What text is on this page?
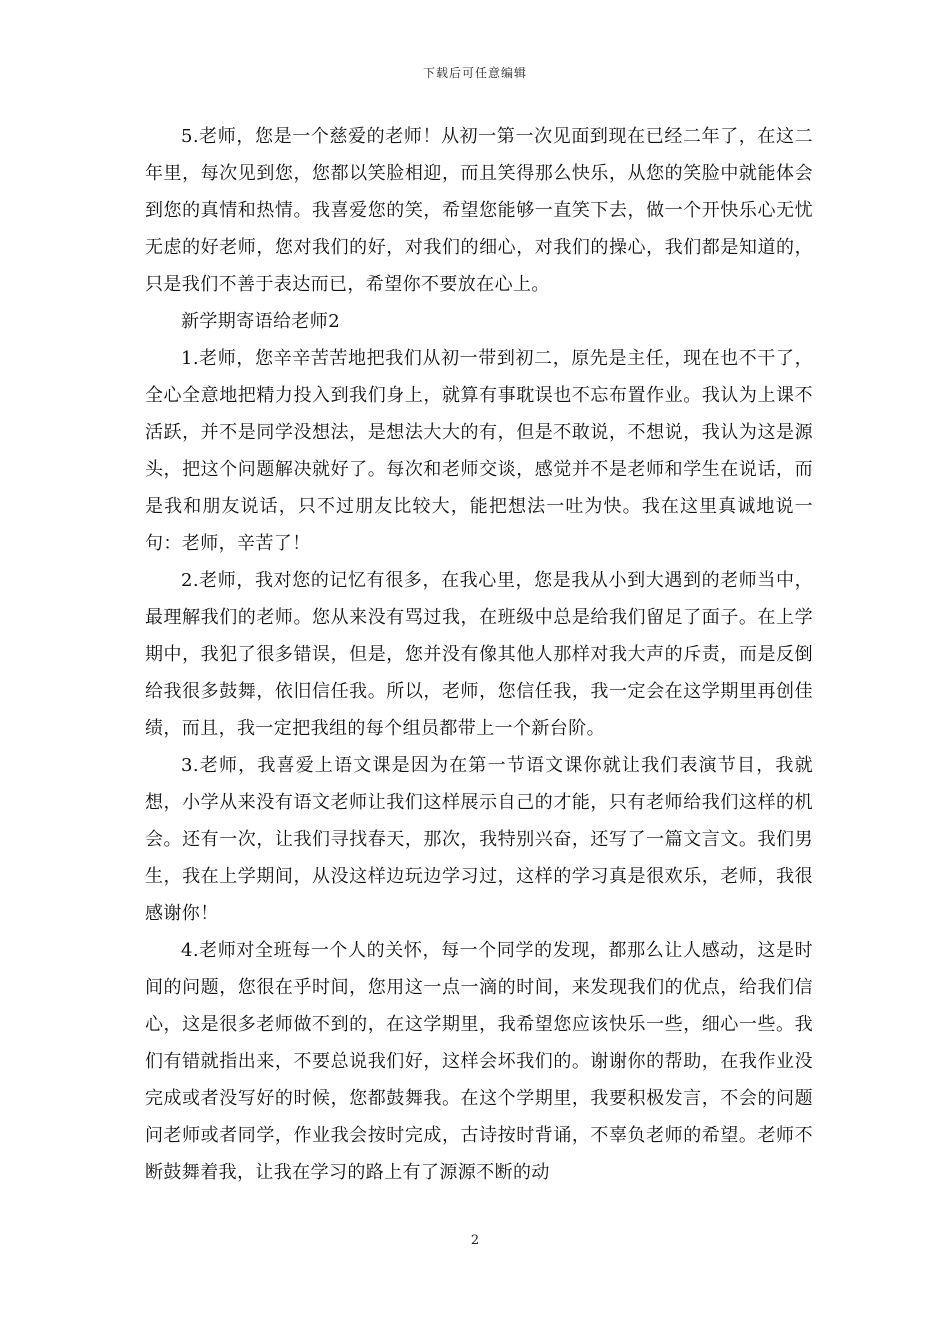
下载后可任意编辑

5.老师，您是一个慈爱的老师！从初一第一次见面到现在已经二年了，在这二年里，每次见到您，您都以笑脸相迎，而且笑得那么快乐，从您的笑脸中就能体会到您的真情和热情。我喜爱您的笑，希望您能够一直笑下去，做一个开快乐心无忧无虑的好老师，您对我们的好，对我们的细心，对我们的操心，我们都是知道的，只是我们不善于表达而已，希望你不要放在心上。

新学期寄语给老师2

1.老师，您辛辛苦苦地把我们从初一带到初二，原先是主任，现在也不干了，全心全意地把精力投入到我们身上，就算有事耽误也不忘布置作业。我认为上课不活跃，并不是同学没想法，是想法大大的有，但是不敢说，不想说，我认为这是源头，把这个问题解决就好了。每次和老师交谈，感觉并不是老师和学生在说话，而是我和朋友说话，只不过朋友比较大，能把想法一吐为快。我在这里真诚地说一句：老师，辛苦了！

2.老师，我对您的记忆有很多，在我心里，您是我从小到大遇到的老师当中，最理解我们的老师。您从来没有骂过我，在班级中总是给我们留足了面子。在上学期中，我犯了很多错误，但是，您并没有像其他人那样对我大声的斥责，而是反倒给我很多鼓舞，依旧信任我。所以，老师，您信任我，我一定会在这学期里再创佳绩，而且，我一定把我组的每个组员都带上一个新台阶。

3.老师，我喜爱上语文课是因为在第一节语文课你就让我们表演节目，我就想，小学从来没有语文老师让我们这样展示自己的才能，只有老师给我们这样的机会。还有一次，让我们寻找春天，那次，我特别兴奋，还写了一篇文言文。我们男生，我在上学期间，从没这样边玩边学习过，这样的学习真是很欢乐，老师，我很感谢你！

4.老师对全班每一个人的关怀，每一个同学的发现，都那么让人感动，这是时间的问题，您很在乎时间，您用这一点一滴的时间，来发现我们的优点，给我们信心，这是很多老师做不到的，在这学期里，我希望您应该快乐一些，细心一些。我们有错就指出来，不要总说我们好，这样会坏我们的。谢谢你的帮助，在我作业没完成或者没写好的时候，您都鼓舞我。在这个学期里，我要积极发言，不会的问题问老师或者同学，作业我会按时完成，古诗按时背诵，不辜负老师的希望。老师不断鼓舞着我，让我在学习的路上有了源源不断的动

2
